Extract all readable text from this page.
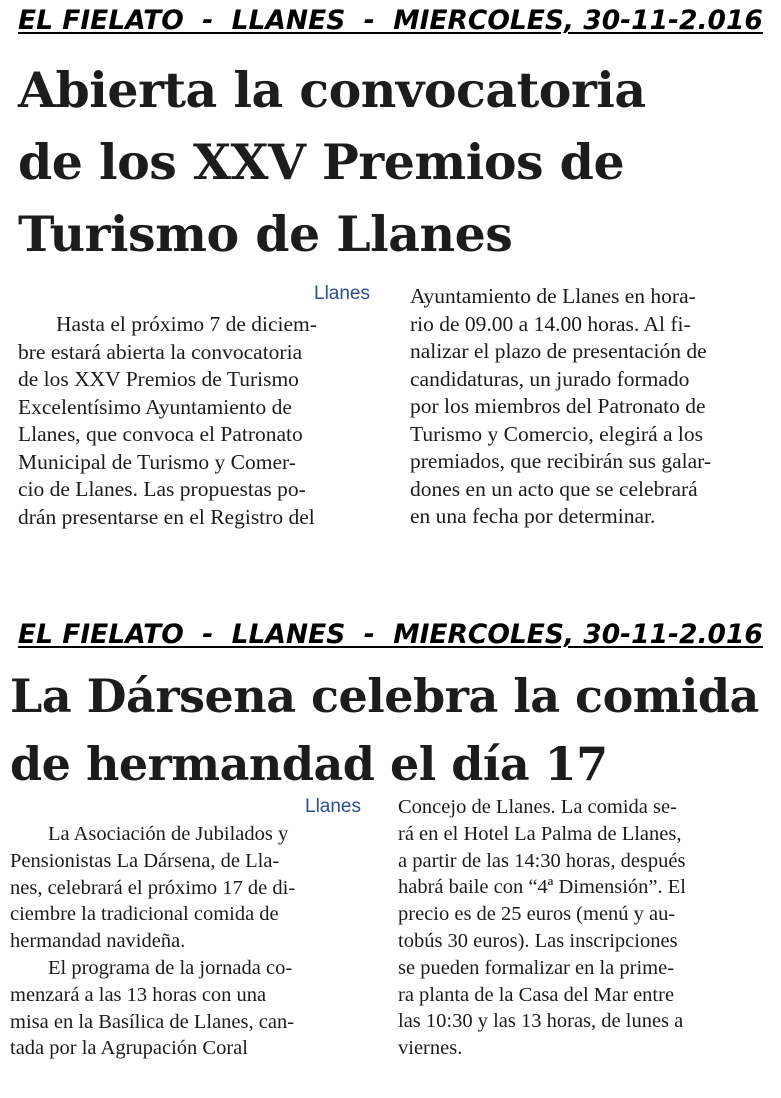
EL FIELATO  -  LLANES  -  MIERCOLES, 30-11-2.016
Abierta la convocatoria
de los XXV Premios de
Turismo de Llanes
Llanes
Hasta el próximo 7 de diciem-
bre estará abierta la convocatoria
de los XXV Premios de Turismo
Excelentísimo Ayuntamiento de
Llanes, que convoca el Patronato
Municipal de Turismo y Comer-
cio de Llanes. Las propuestas po-
drán presentarse en el Registro del
Ayuntamiento de Llanes en hora-
rio de 09.00 a 14.00 horas. Al fi-
nalizar el plazo de presentación de
candidaturas, un jurado formado
por los miembros del Patronato de
Turismo y Comercio, elegirá a los
premiados, que recibirán sus galar-
dones en un acto que se celebrará
en una fecha por determinar.
EL FIELATO  -  LLANES  -  MIERCOLES, 30-11-2.016
La Dársena celebra la comida
de hermandad el día 17
Llanes
La Asociación de Jubilados y
Pensionistas La Dársena, de Lla-
nes, celebrará el próximo 17 de di-
ciembre la tradicional comida de
hermandad navideña.
El programa de la jornada co-
menzará a las 13 horas con una
misa en la Basílica de Llanes, can-
tada por la Agrupación Coral
Concejo de Llanes. La comida se-
rá en el Hotel La Palma de Llanes,
a partir de las 14:30 horas, después
habrá baile con “4ª Dimensión”. El
precio es de 25 euros (menú y au-
tobús 30 euros). Las inscripciones
se pueden formalizar en la prime-
ra planta de la Casa del Mar entre
las 10:30 y las 13 horas, de lunes a
viernes.
